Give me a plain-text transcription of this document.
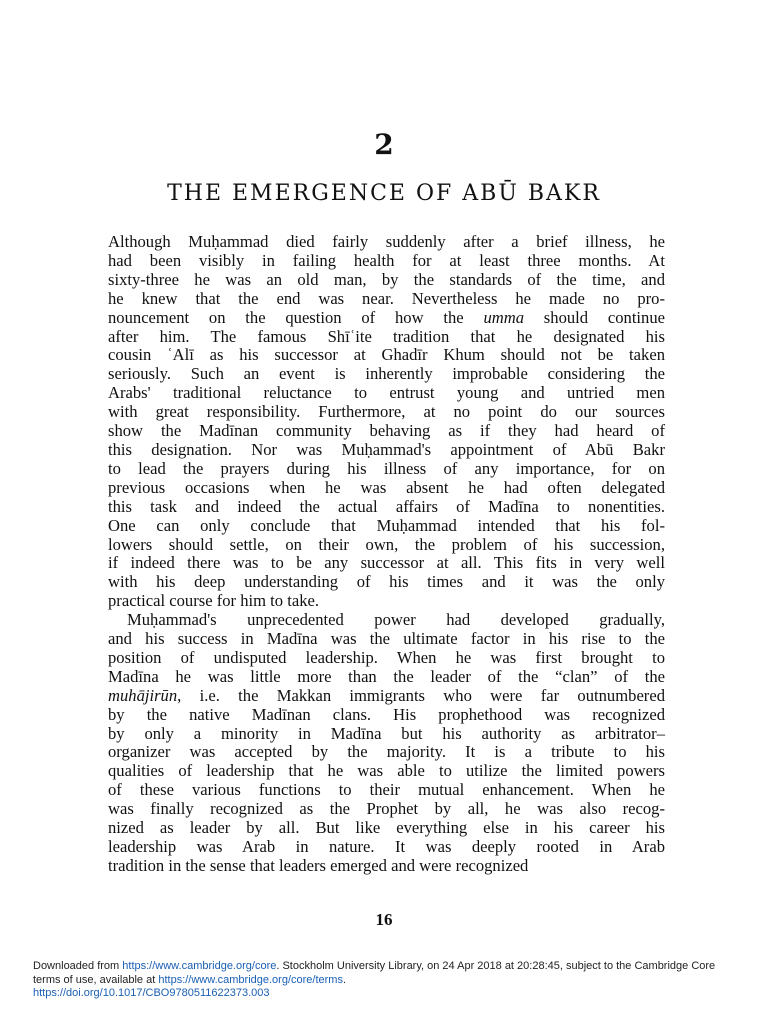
2
THE EMERGENCE OF ABŪ BAKR
Although Muḥammad died fairly suddenly after a brief illness, he
had been visibly in failing health for at least three months. At
sixty-three he was an old man, by the standards of the time, and
he knew that the end was near. Nevertheless he made no pro-
nouncement on the question of how the umma should continue
after him. The famous Shīʿite tradition that he designated his
cousin ʿAlī as his successor at Ghadīr Khum should not be taken
seriously. Such an event is inherently improbable considering the
Arabs' traditional reluctance to entrust young and untried men
with great responsibility. Furthermore, at no point do our sources
show the Madīnan community behaving as if they had heard of
this designation. Nor was Muḥammad's appointment of Abū Bakr
to lead the prayers during his illness of any importance, for on
previous occasions when he was absent he had often delegated
this task and indeed the actual affairs of Madīna to nonentities.
One can only conclude that Muḥammad intended that his fol-
lowers should settle, on their own, the problem of his succession,
if indeed there was to be any successor at all. This fits in very well
with his deep understanding of his times and it was the only
practical course for him to take.
Muḥammad's unprecedented power had developed gradually,
and his success in Madīna was the ultimate factor in his rise to the
position of undisputed leadership. When he was first brought to
Madīna he was little more than the leader of the “clan” of the
muhājirūn, i.e. the Makkan immigrants who were far outnumbered
by the native Madīnan clans. His prophethood was recognized
by only a minority in Madīna but his authority as arbitrator–
organizer was accepted by the majority. It is a tribute to his
qualities of leadership that he was able to utilize the limited powers
of these various functions to their mutual enhancement. When he
was finally recognized as the Prophet by all, he was also recog-
nized as leader by all. But like everything else in his career his
leadership was Arab in nature. It was deeply rooted in Arab
tradition in the sense that leaders emerged and were recognized
16
Downloaded from https://www.cambridge.org/core. Stockholm University Library, on 24 Apr 2018 at 20:28:45, subject to the Cambridge Core terms of use, available at https://www.cambridge.org/core/terms.
https://doi.org/10.1017/CBO9780511622373.003
